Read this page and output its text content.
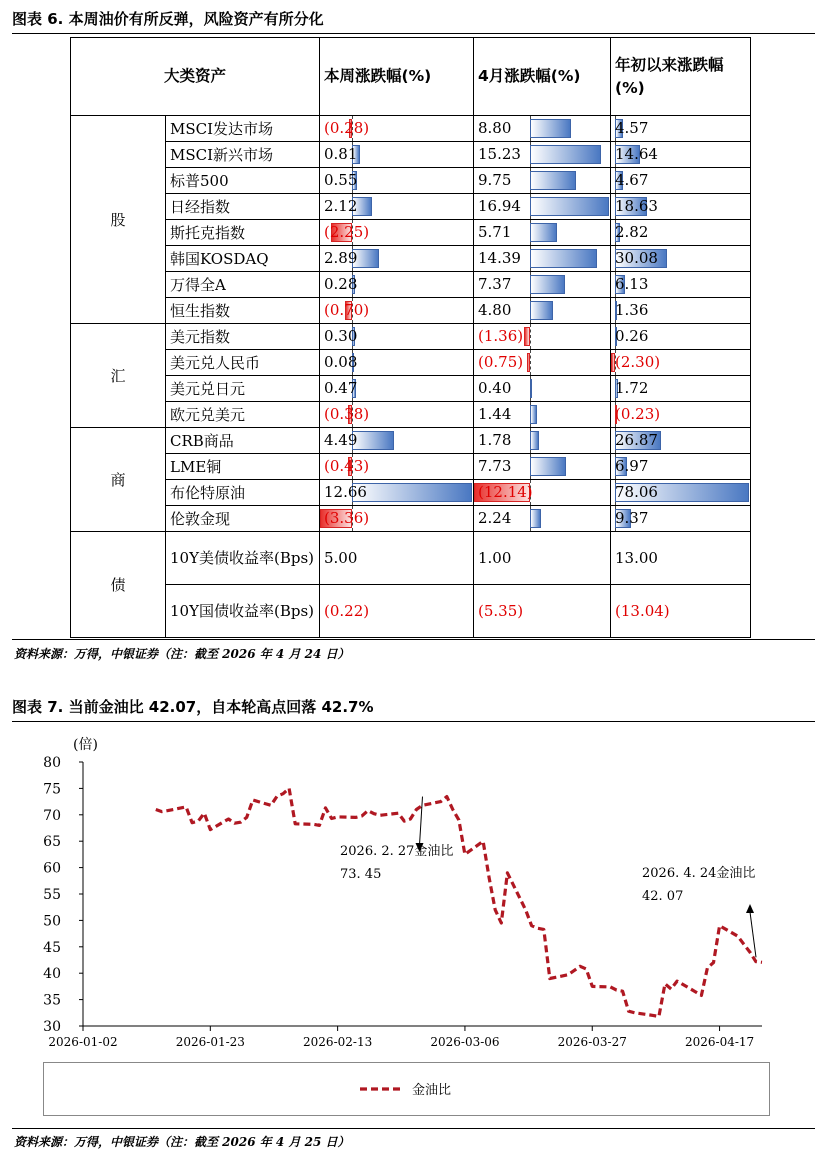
图表 6. 本周油价有所反弹，风险资产有所分化
大类资产		本周涨跌幅(%)	4月涨跌幅(%)	年初以来涨跌幅(%)
股	MSCI发达市场	(0.28)	8.80	4.57

	MSCI新兴市场	0.81	15.23	14.64

	标普500	0.55	9.75	4.67

	日经指数	2.12	16.94	18.63

	斯托克指数	(2.25)	5.71	2.82

	韩国KOSDAQ	2.89	14.39	30.08

	万得全A	0.28	7.37	6.13

	恒生指数	(0.70)	4.80	1.36

汇	美元指数	0.30	(1.36)	0.26

	美元兑人民币	0.08	(0.75)	(2.30)

	美元兑日元	0.47	0.40	1.72

	欧元兑美元	(0.38)	1.44	(0.23)

商	CRB商品	4.49	1.78	26.87

	LME铜	(0.43)	7.73	6.97

	布伦特原油	12.66	(12.14)	78.06

	伦敦金现	(3.36)	2.24	9.37

债	10Y美债收益率(Bps)	5.00	1.00	13.00

	10Y国债收益率(Bps)	(0.22)	(5.35)	(13.04)
资料来源：万得，中银证券（注：截至 2026 年 4 月 24 日）
图表 7. 当前金油比 42.07，自本轮高点回落 42.7%
30
35
40
45
50
55
60
65
70
75
80
2026-01-02	2026-01-23	2026-02-13	2026-03-06	2026-03-27	2026-04-17
(倍)
2026. 2. 27金油比
73. 45	2026. 4. 24金油比
42. 07
金油比
资料来源：万得，中银证券（注：截至 2026 年 4 月 25 日）
